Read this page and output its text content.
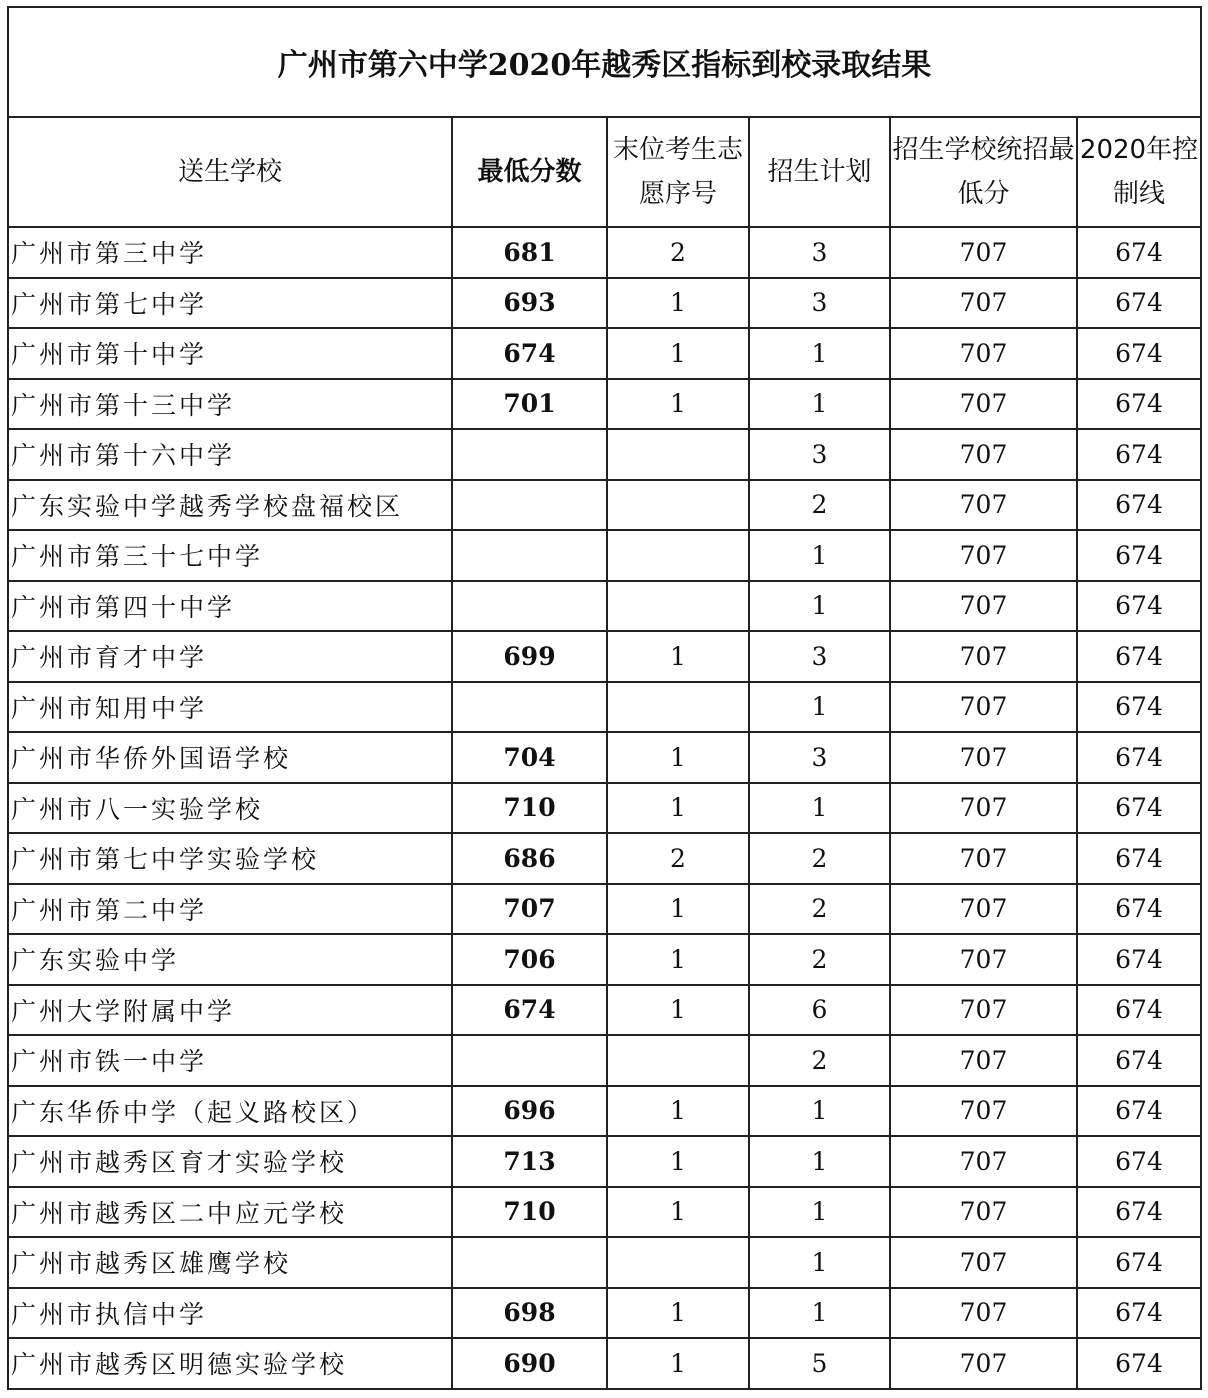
广州市第六中学2020年越秀区指标到校录取结果					
送生学校	最低分数	末位考生志愿序号	招生计划	招生学校统招最低分	2020年控制线
广州市第三中学	681	2	3	707	674
广州市第七中学	693	1	3	707	674
广州市第十中学	674	1	1	707	674
广州市第十三中学	701	1	1	707	674
广州市第十六中学			3	707	674
广东实验中学越秀学校盘福校区			2	707	674
广州市第三十七中学			1	707	674
广州市第四十中学			1	707	674
广州市育才中学	699	1	3	707	674
广州市知用中学			1	707	674
广州市华侨外国语学校	704	1	3	707	674
广州市八一实验学校	710	1	1	707	674
广州市第七中学实验学校	686	2	2	707	674
广州市第二中学	707	1	2	707	674
广东实验中学	706	1	2	707	674
广州大学附属中学	674	1	6	707	674
广州市铁一中学			2	707	674
广东华侨中学（起义路校区）	696	1	1	707	674
广州市越秀区育才实验学校	713	1	1	707	674
广州市越秀区二中应元学校	710	1	1	707	674
广州市越秀区雄鹰学校			1	707	674
广州市执信中学	698	1	1	707	674
广州市越秀区明德实验学校	690	1	5	707	674
